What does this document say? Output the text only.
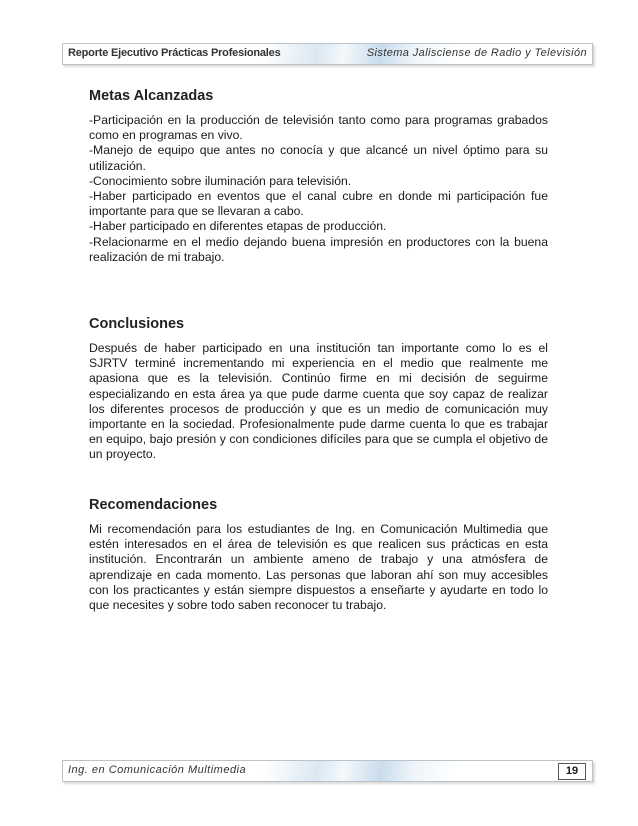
Reporte Ejecutivo Prácticas Profesionales	Sistema Jalisciense de Radio y Televisión
Metas Alcanzadas

-Participación en la producción de televisión tanto como para programas grabados como en programas en vivo.

-Manejo de equipo que antes no conocía y que alcancé un nivel óptimo para su utilización.

-Conocimiento sobre iluminación para televisión.

-Haber participado en eventos que el canal cubre en donde mi participación fue importante para que se llevaran a cabo.

-Haber participado en diferentes etapas de producción.

-Relacionarme en el medio dejando buena impresión en productores con la buena realización de mi trabajo.

Conclusiones

Después de haber participado en una institución tan importante como lo es el SJRTV terminé incrementando mi experiencia en el medio que realmente me apasiona que es la televisión. Continúo firme en mi decisión de seguirme especializando en esta área ya que pude darme cuenta que soy capaz de realizar los diferentes procesos de producción y que es un medio de comunicación muy importante en la sociedad. Profesionalmente pude darme cuenta lo que es trabajar en equipo, bajo presión y con condiciones difíciles para que se cumpla el objetivo de un proyecto.

Recomendaciones

Mi recomendación para los estudiantes de Ing. en Comunicación Multimedia que estén interesados en el área de televisión es que realicen sus prácticas en esta institución. Encontrarán un ambiente ameno de trabajo y una atmósfera de aprendizaje en cada momento. Las personas que laboran ahí son muy accesibles con los practicantes y están siempre dispuestos a enseñarte y ayudarte en todo lo que necesites y sobre todo saben reconocer tu trabajo.

Ing. en Comunicación Multimedia	19
